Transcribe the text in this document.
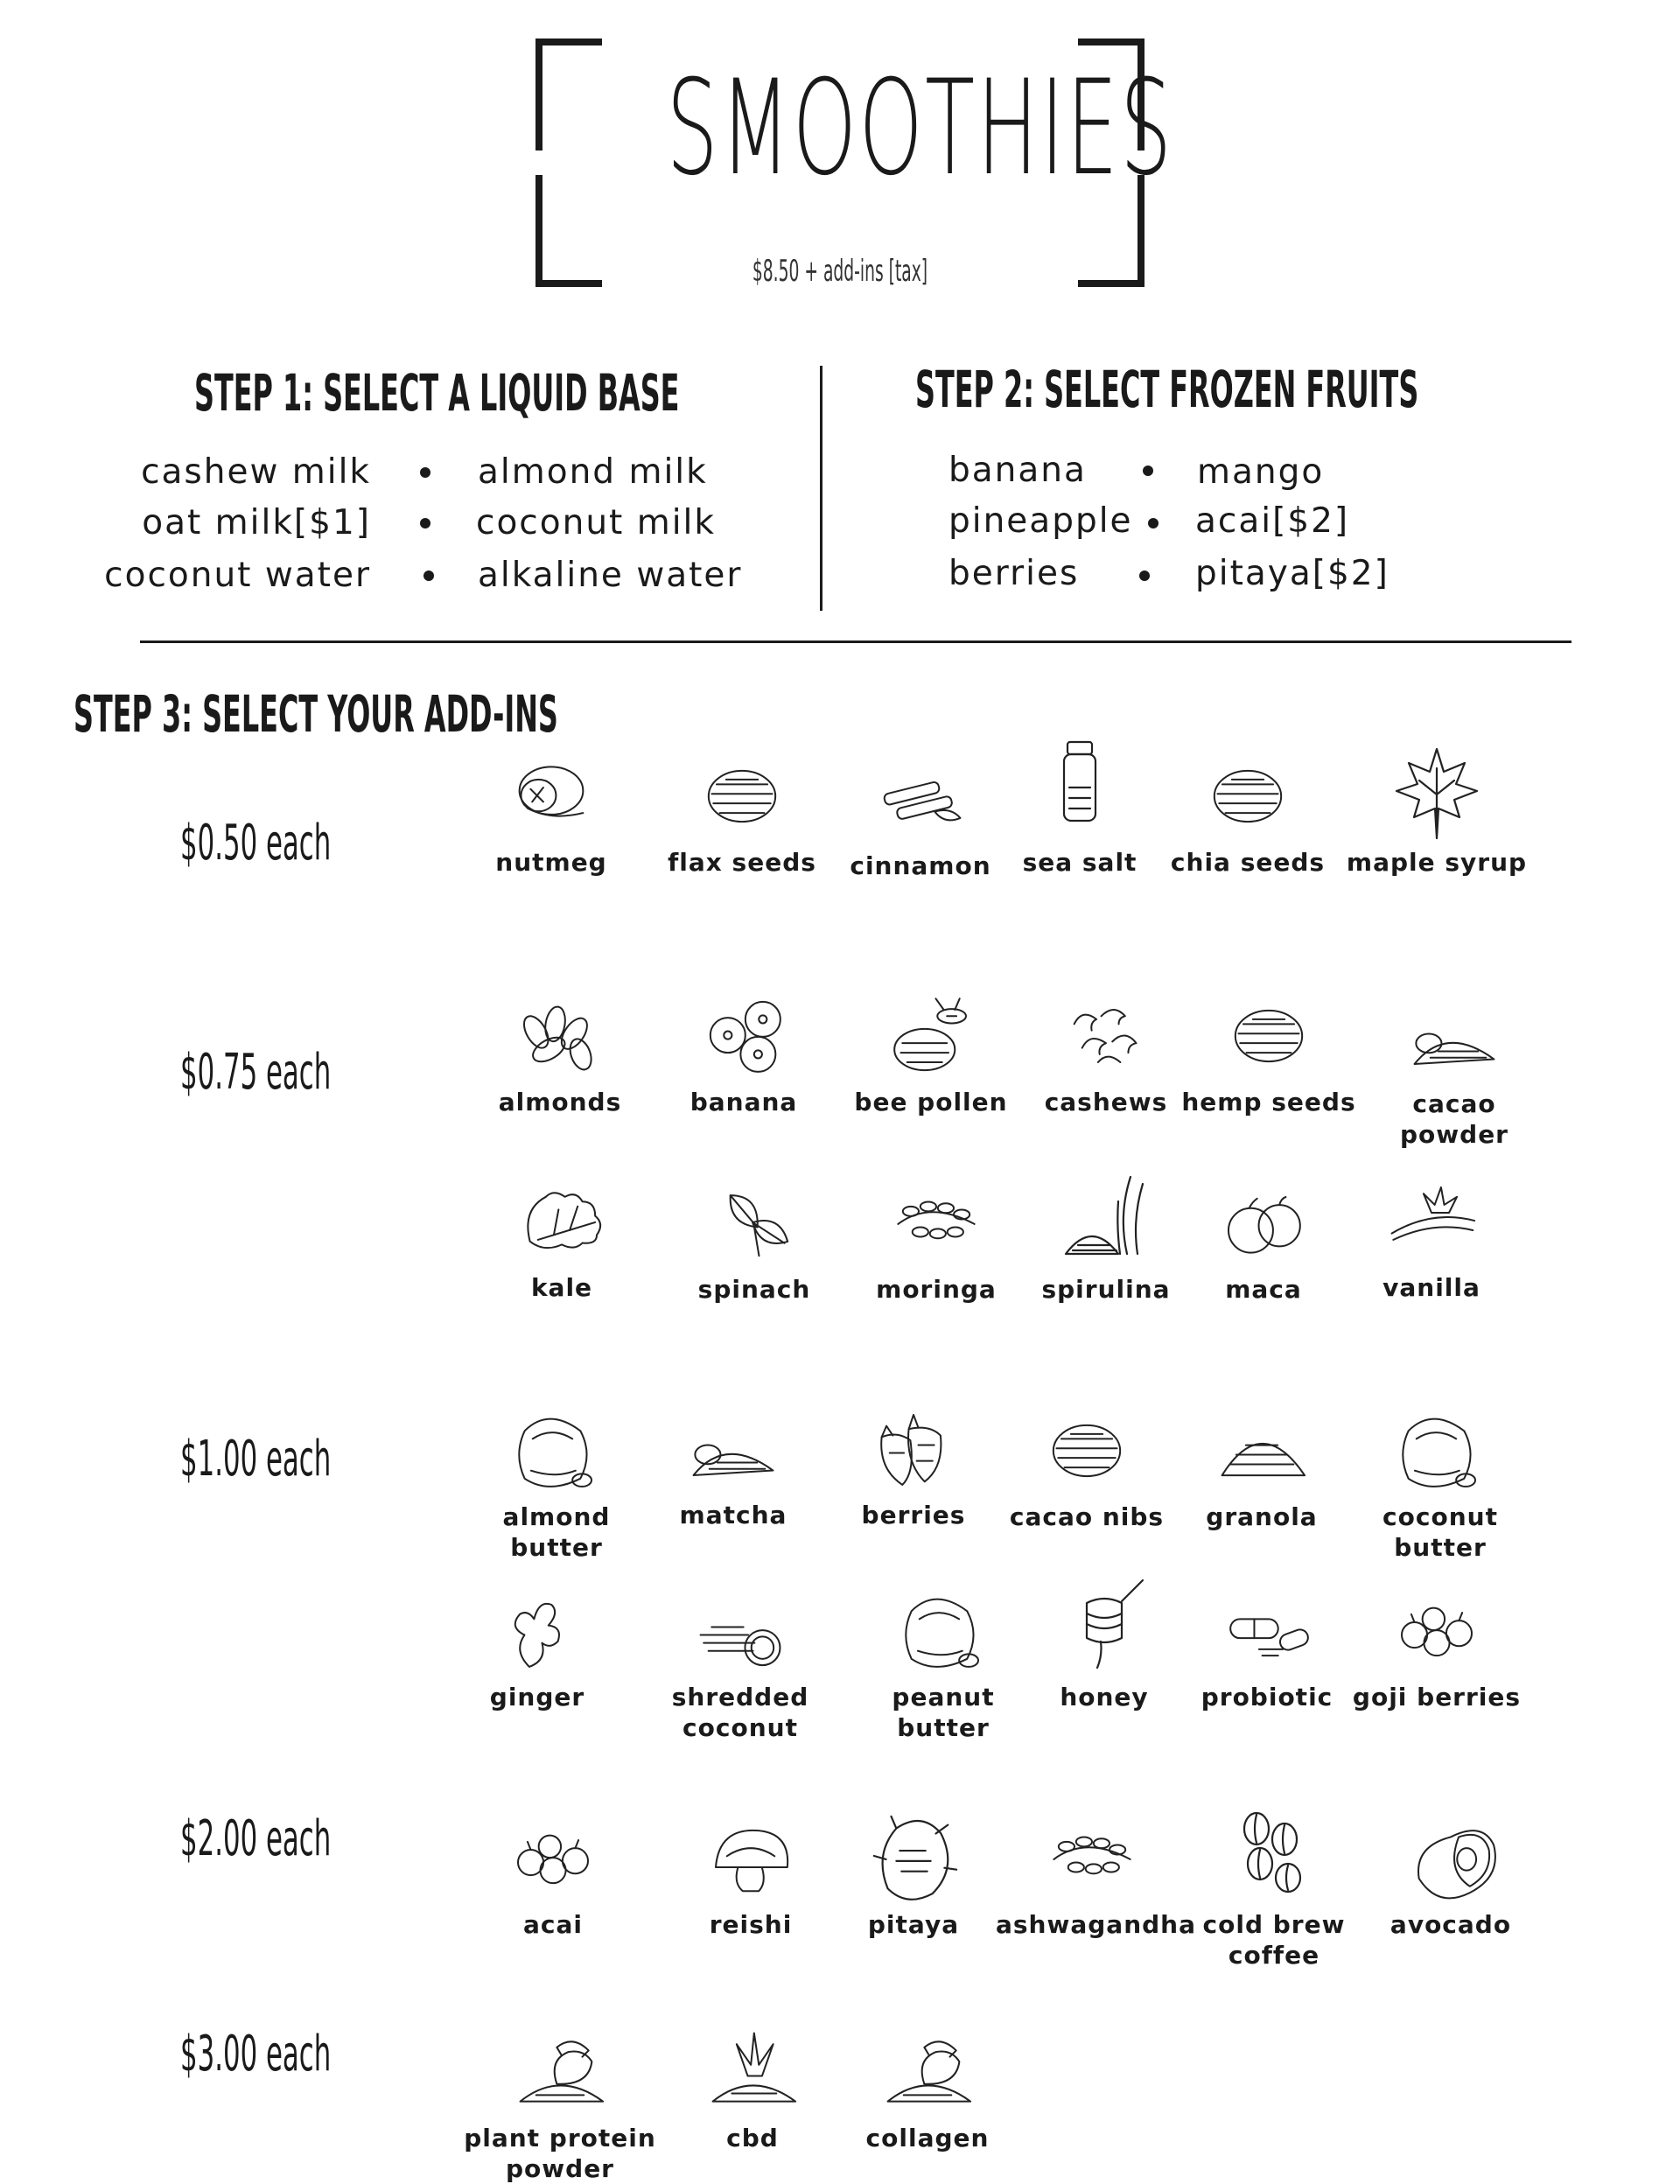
SMOOTHIES
$8.50 + add-ins [tax]
STEP 1: SELECT A LIQUID BASE
cashew milk
oat milk[$1]
coconut water
almond milk
coconut milk
alkaline water
STEP 2: SELECT FROZEN FRUITS
banana
pineapple
berries
mango
acai[$2]
pitaya[$2]
STEP 3: SELECT YOUR ADD-INS
$0.50 each
$0.75 each
$1.00 each
$2.00 each
$3.00 each
nutmeg	flax seeds	cinnamon	sea salt	chia seeds maple syrup
almonds	banana	bee pollen	cashews hemp seeds	cacao powder
kale	spinach	moringa	spirulina	maca	vanilla
almond butter
matcha	berries	cacao nibs	granola	coconut butter
ginger	shredded
coconut
peanut butter
honey	probiotic goji berries
acai	reishi	pitaya	ashwagandha cold brew
coffee
avocado
plant protein powder
cbd	collagen
